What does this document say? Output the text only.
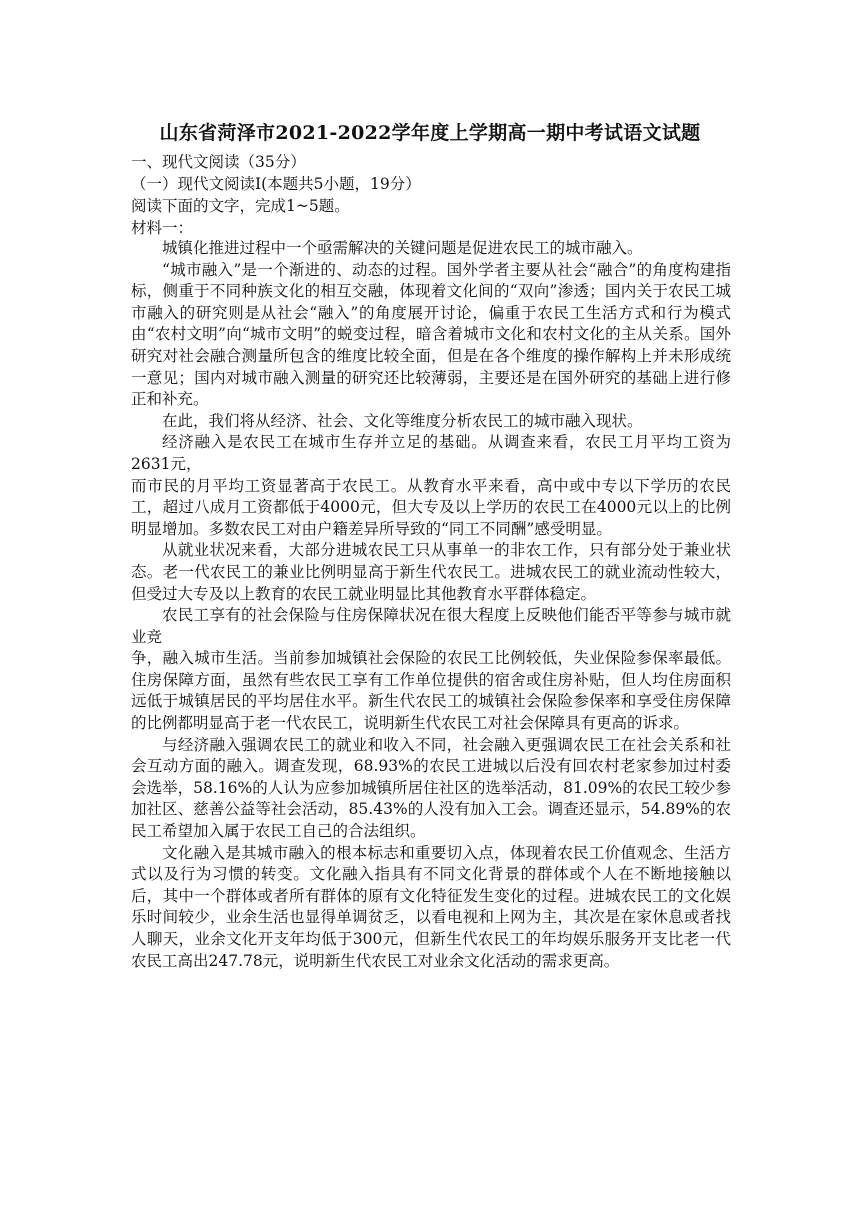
山东省菏泽市2021-2022学年度上学期高一期中考试语文试题
一、现代文阅读（35分）
（一）现代文阅读Ⅰ(本题共5小题，19分）
阅读下面的文字，完成1~5题。
材料一：

城镇化推进过程中一个亟需解决的关键问题是促进农民工的城市融入。

“城市融入”是一个渐进的、动态的过程。国外学者主要从社会“融合”的角度构建指标，侧重于不同种族文化的相互交融，体现着文化间的“双向”渗透；国内关于农民工城市融入的研究则是从社会“融入”的角度展开讨论，偏重于农民工生活方式和行为模式由“农村文明”向“城市文明”的蜕变过程，暗含着城市文化和农村文化的主从关系。国外研究对社会融合测量所包含的维度比较全面，但是在各个维度的操作解构上并未形成统一意见；国内对城市融入测量的研究还比较薄弱，主要还是在国外研究的基础上进行修正和补充。

在此，我们将从经济、社会、文化等维度分析农民工的城市融入现状。

经济融入是农民工在城市生存并立足的基础。从调查来看，农民工月平均工资为2631元，

而市民的月平均工资显著高于农民工。从教育水平来看，高中或中专以下学历的农民工，超过八成月工资都低于4000元，但大专及以上学历的农民工在4000元以上的比例明显增加。多数农民工对由户籍差异所导致的“同工不同酬”感受明显。

从就业状况来看，大部分进城农民工只从事单一的非农工作，只有部分处于兼业状态。老一代农民工的兼业比例明显高于新生代农民工。进城农民工的就业流动性较大，但受过大专及以上教育的农民工就业明显比其他教育水平群体稳定。

农民工享有的社会保险与住房保障状况在很大程度上反映他们能否平等参与城市就业竞

争，融入城市生活。当前参加城镇社会保险的农民工比例较低，失业保险参保率最低。住房保障方面，虽然有些农民工享有工作单位提供的宿舍或住房补贴，但人均住房面积远低于城镇居民的平均居住水平。新生代农民工的城镇社会保险参保率和享受住房保障的比例都明显高于老一代农民工，说明新生代农民工对社会保障具有更高的诉求。

与经济融入强调农民工的就业和收入不同，社会融入更强调农民工在社会关系和社会互动方面的融入。调查发现，68.93%的农民工进城以后没有回农村老家参加过村委会选举，58.16%的人认为应参加城镇所居住社区的选举活动，81.09%的农民工较少参加社区、慈善公益等社会活动，85.43%的人没有加入工会。调查还显示，54.89%的农民工希望加入属于农民工自己的合法组织。

文化融入是其城市融入的根本标志和重要切入点，体现着农民工价值观念、生活方式以及行为习惯的转变。文化融入指具有不同文化背景的群体或个人在不断地接触以后，其中一个群体或者所有群体的原有文化特征发生变化的过程。进城农民工的文化娱乐时间较少，业余生活也显得单调贫乏，以看电视和上网为主，其次是在家休息或者找人聊天，业余文化开支年均低于300元，但新生代农民工的年均娱乐服务开支比老一代农民工高出247.78元，说明新生代农民工对业余文化活动的需求更高。
